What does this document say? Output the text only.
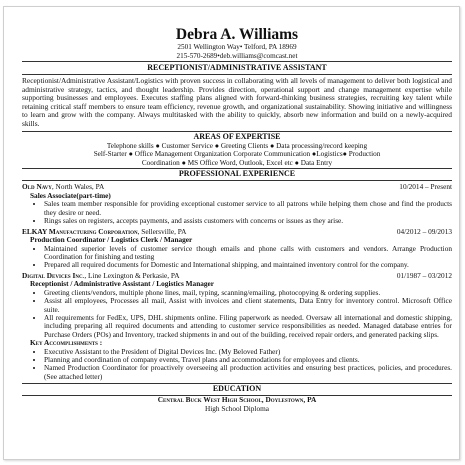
Debra A. Williams

2501 Wellington Way• Telford, PA 18969

215-570-2689•deb.williams@comcast.net

RECEPTIONIST/ADMINISTRATIVE ASSISTANT

Receptionist/Administrative Assistant/Logistics with proven success in collaborating with all levels of management to deliver both logistical and administrative strategy, tactics, and thought leadership. Provides direction, operational support and change management expertise while supporting businesses and employees. Executes staffing plans aligned with forward-thinking business strategies, recruiting key talent while retaining critical staff members to ensure team efficiency, revenue growth, and organizational sustainability. Showing initiative and willingness to learn and grow with the company. Always multitasked with the ability to quickly, absorb new information and build on a newly-acquired skills.

AREAS OF EXPERTISE

Telephone skills ● Customer Service ● Greeting Clients ● Data processing/record keeping

Self-Starter ● Office Management Organization Corporate Communication ●Logistics● Production

Coordination ● MS Office Word, Outlook, Excel etc ● Data Entry

PROFESSIONAL EXPERIENCE

Old Navy, North Wales, PA	10/2014 – Present

Sales Associate(part-time)

• Sales team member responsible for providing exceptional customer service to all patrons while helping them chose and find the products they desire or need.
• Rings sales on registers, accepts payments, and assists customers with concerns or issues as they arise.

ELKAY Manufacturing Corporation, Sellersville, PA	04/2012 – 09/2013

Production Coordinator / Logistics Clerk / Manager

• Maintained superior levels of customer service though emails and phone calls with customers and vendors. Arrange Production Coordination for finishing and testing
• Prepared all required documents for Domestic and International shipping, and maintained inventory control for the company.

Digital Devices Inc., Line Lexington & Perkasie, PA	01/1987 – 03/2012

Receptionist / Administrative Assistant / Logistics Manager

• Greeting clients/vendors, multiple phone lines, mail, typing, scanning/emailing, photocopying & ordering supplies.
• Assist all employees, Processes all mail, Assist with invoices and client statements, Data Entry for inventory control. Microsoft Office suite.
• All requirements for FedEx, UPS, DHL shipments online. Filing paperwork as needed. Oversaw all international and domestic shipping, including preparing all required documents and attending to customer service responsibilities as needed. Managed database entries for Purchase Orders (POs) and Inventory, tracked shipments in and out of the building, received repair orders, and generated packing slips.

Key Accomplishments :

• Executive Assistant to the President of Digital Devices Inc. (My Beloved Father)
• Planning and coordination of company events, Travel plans and accommodations for employees and clients.
• Named Production Coordinator for proactively overseeing all production activities and ensuring best practices, policies, and procedures. (See attached letter)

EDUCATION

Central Buck West High School, Doylestown, PA

High School Diploma
